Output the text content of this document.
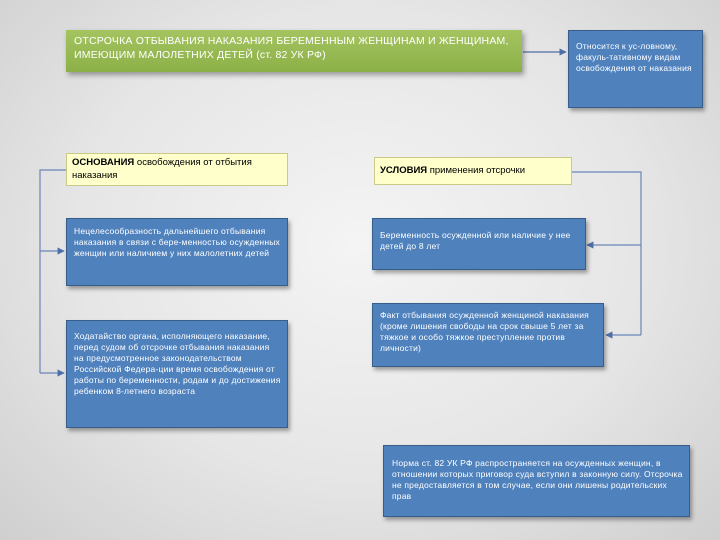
ОТСРОЧКА ОТБЫВАНИЯ НАКАЗАНИЯ БЕРЕМЕННЫМ ЖЕНЩИНАМ И ЖЕНЩИНАМ, ИМЕЮЩИМ МАЛОЛЕТНИХ ДЕТЕЙ (ст. 82 УК РФ)
Относится к ус-ловному, факуль-тативному видам освобождения от наказания
ОСНОВАНИЯ освобождения от отбытия наказания	УСЛОВИЯ применения отсрочки
Нецелесообразность дальнейшего отбывания наказания в связи с бере-менностью осужденных женщин или наличием у них малолетних детей
Ходатайство органа, исполняющего наказание, перед судом об отсрочке отбывания наказания на предусмотренное законодательством Российской Федера-ции время освобождения от работы по беременности, родам и до достижения ребенком 8-летнего возраста
Беременность осужденной или наличие у нее детей до 8 лет
Факт отбывания осужденной женщиной наказания (кроме лишения свободы на срок свыше 5 лет за тяжкое и особо тяжкое преступление против личности)
Норма ст. 82 УК РФ распространяется на осужденных женщин, в отношении которых приговор суда вступил в законную силу. Отсрочка не предоставляется в том случае, если они лишены родительских прав
